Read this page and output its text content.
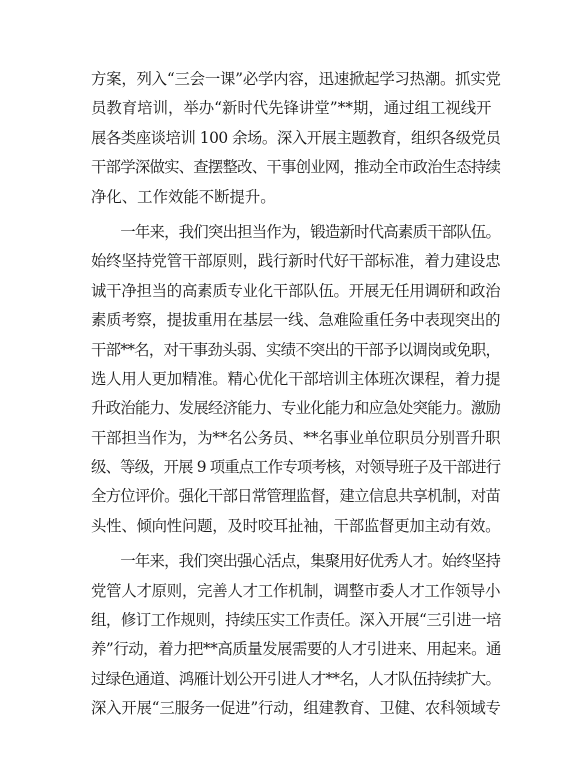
方案，列入“三会一课”必学内容，迅速掀起学习热潮。抓实党
员教育培训，举办“新时代先锋讲堂”**期，通过组工视线开
展各类座谈培训 100 余场。深入开展主题教育，组织各级党员
干部学深做实、查摆整改、干事创业网，推动全市政治生态持续
净化、工作效能不断提升。
　　一年来，我们突出担当作为，锻造新时代高素质干部队伍。
始终坚持党管干部原则，践行新时代好干部标准，着力建设忠
诚干净担当的高素质专业化干部队伍。开展无任用调研和政治
素质考察，提拔重用在基层一线、急难险重任务中表现突出的
干部**名，对干事劲头弱、实绩不突出的干部予以调岗或免职，
选人用人更加精准。精心优化干部培训主体班次课程，着力提
升政治能力、发展经济能力、专业化能力和应急处突能力。激励
干部担当作为，为**名公务员、**名事业单位职员分别晋升职
级、等级，开展 9 项重点工作专项考核，对领导班子及干部进行
全方位评价。强化干部日常管理监督，建立信息共享机制，对苗
头性、倾向性问题，及时咬耳扯袖，干部监督更加主动有效。
　　一年来，我们突出强心活点，集聚用好优秀人才。始终坚持
党管人才原则，完善人才工作机制，调整市委人才工作领导小
组，修订工作规则，持续压实工作责任。深入开展“三引进一培
养”行动，着力把**高质量发展需要的人才引进来、用起来。通
过绿色通道、鸿雁计划公开引进人才**名，人才队伍持续扩大。
深入开展“三服务一促进”行动，组建教育、卫健、农科领域专
